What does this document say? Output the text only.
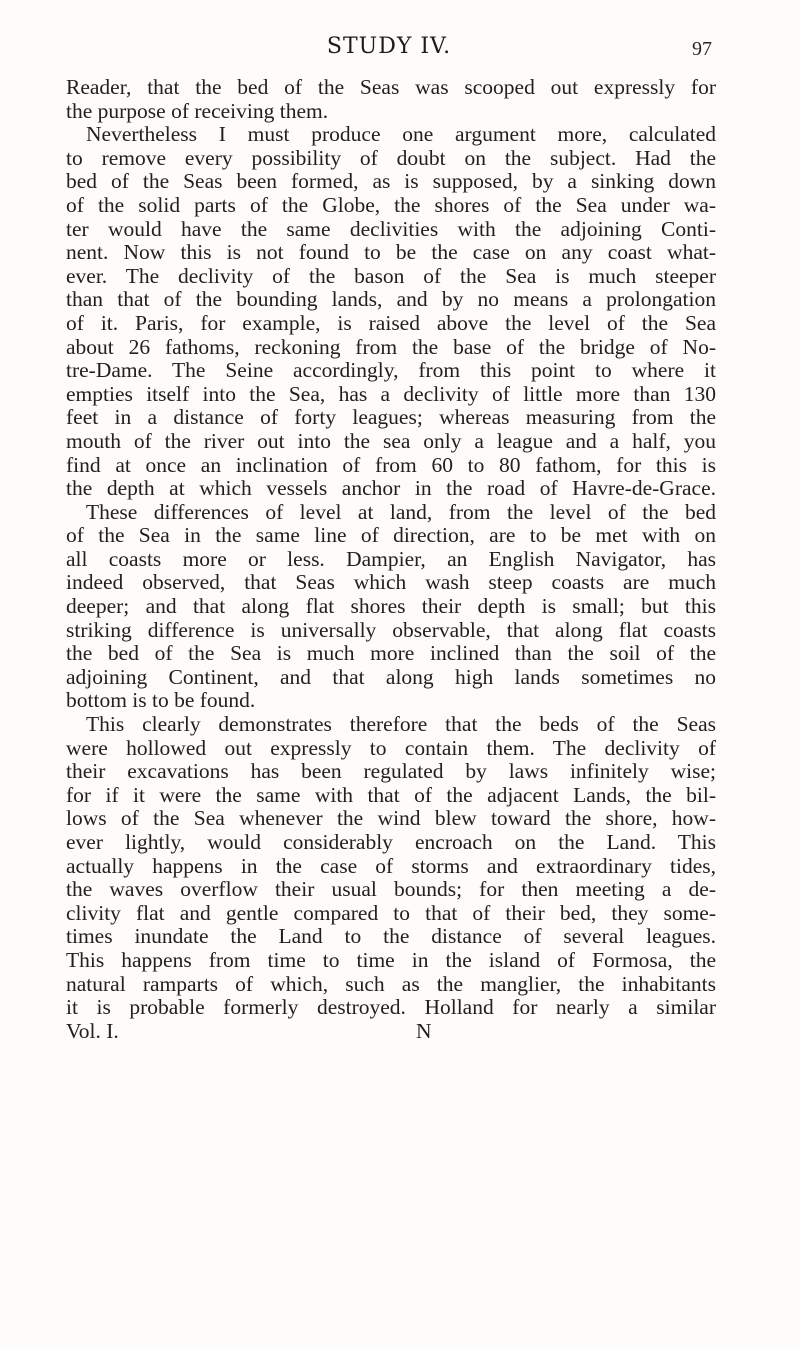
STUDY IV.	97
Reader, that the bed of the Seas was scooped out expressly for
the purpose of receiving them.
Nevertheless I must produce one argument more, calculated
to remove every possibility of doubt on the subject. Had the
bed of the Seas been formed, as is supposed, by a sinking down
of the solid parts of the Globe, the shores of the Sea under wa-
ter would have the same declivities with the adjoining Conti-
nent. Now this is not found to be the case on any coast what-
ever. The declivity of the bason of the Sea is much steeper
than that of the bounding lands, and by no means a prolongation
of it. Paris, for example, is raised above the level of the Sea
about 26 fathoms, reckoning from the base of the bridge of No-
tre-Dame. The Seine accordingly, from this point to where it
empties itself into the Sea, has a declivity of little more than 130
feet in a distance of forty leagues; whereas measuring from the
mouth of the river out into the sea only a league and a half, you
find at once an inclination of from 60 to 80 fathom, for this is
the depth at which vessels anchor in the road of Havre-de-Grace.
These differences of level at land, from the level of the bed
of the Sea in the same line of direction, are to be met with on
all coasts more or less. Dampier, an English Navigator, has
indeed observed, that Seas which wash steep coasts are much
deeper; and that along flat shores their depth is small; but this
striking difference is universally observable, that along flat coasts
the bed of the Sea is much more inclined than the soil of the
adjoining Continent, and that along high lands sometimes no
bottom is to be found.
This clearly demonstrates therefore that the beds of the Seas
were hollowed out expressly to contain them. The declivity of
their excavations has been regulated by laws infinitely wise;
for if it were the same with that of the adjacent Lands, the bil-
lows of the Sea whenever the wind blew toward the shore, how-
ever lightly, would considerably encroach on the Land. This
actually happens in the case of storms and extraordinary tides,
the waves overflow their usual bounds; for then meeting a de-
clivity flat and gentle compared to that of their bed, they some-
times inundate the Land to the distance of several leagues.
This happens from time to time in the island of Formosa, the
natural ramparts of which, such as the manglier, the inhabitants
it is probable formerly destroyed. Holland for nearly a similar
Vol. I.	N
